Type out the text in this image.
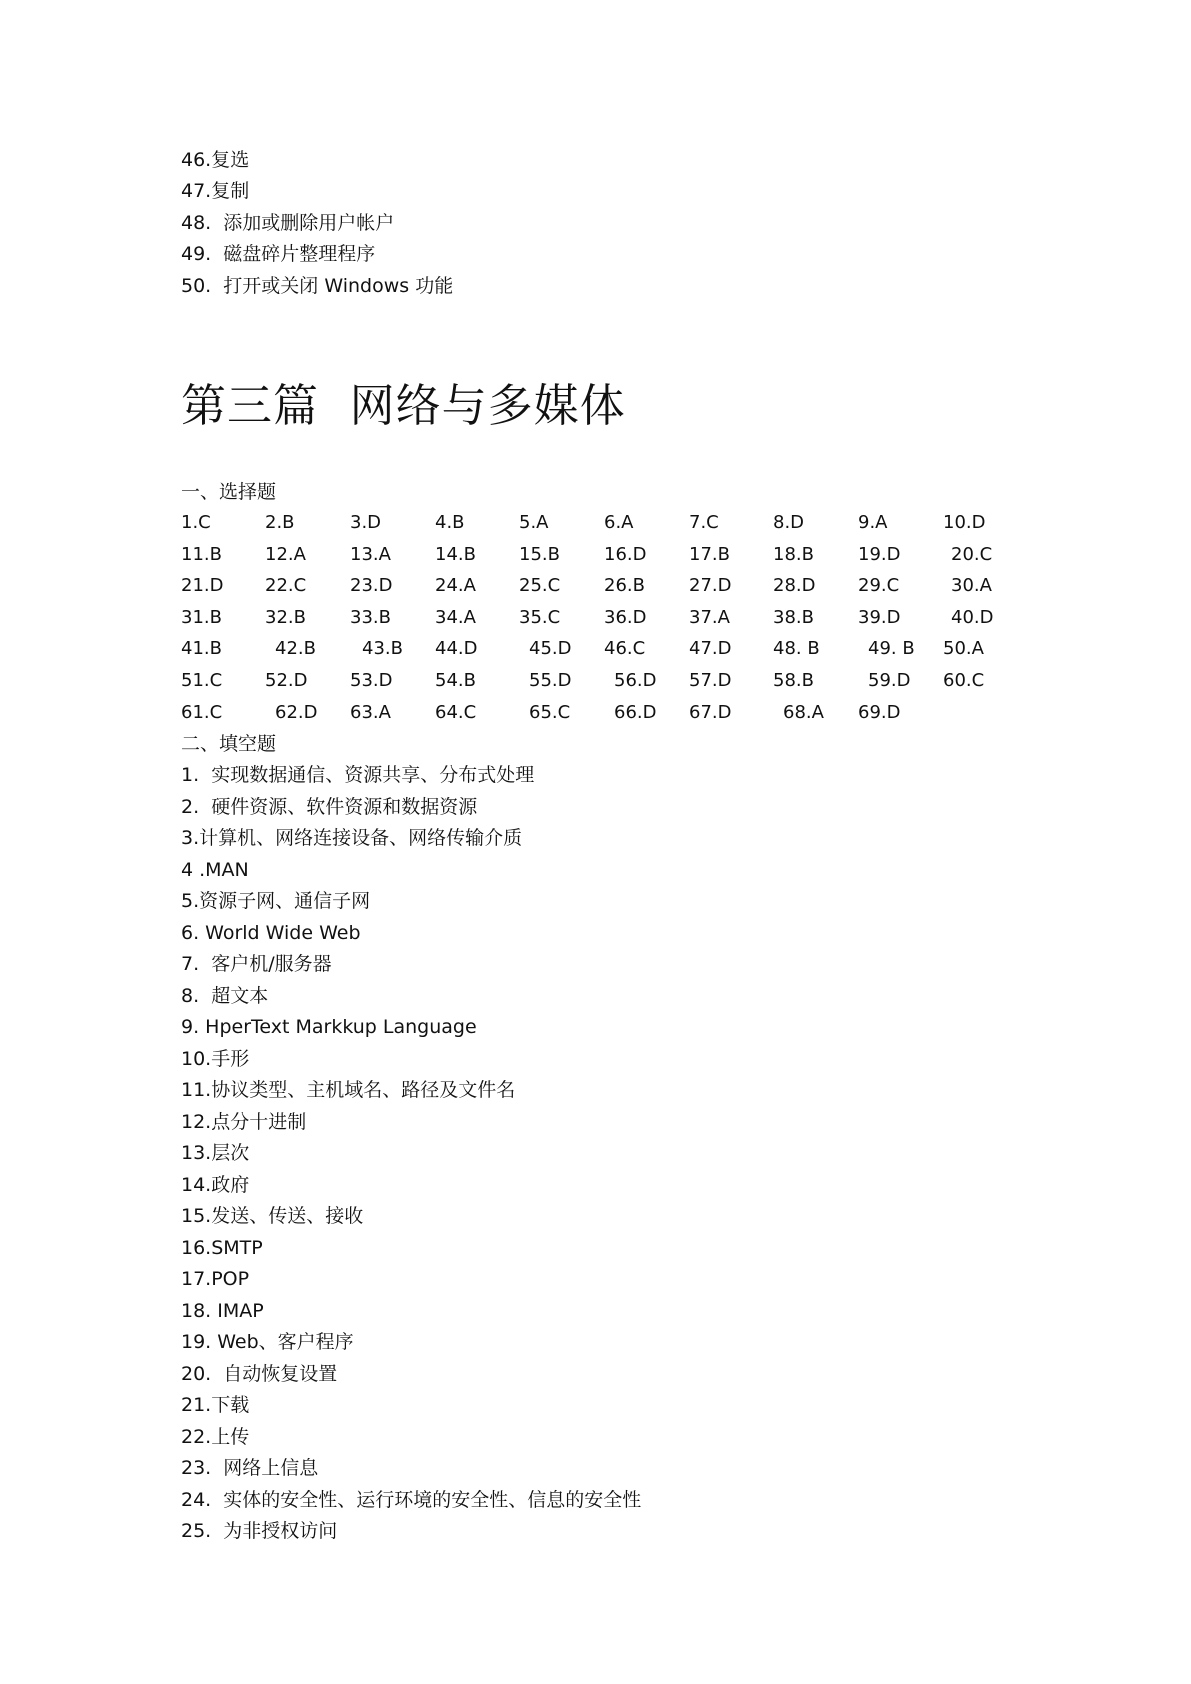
46.复选
47.复制
48.  添加或删除用户帐户
49.  磁盘碎片整理程序
50.  打开或关闭 Windows 功能
第三篇  网络与多媒体
一、选择题
1.C	2.B	3.D	4.B	5.A	6.A	7.C	8.D	9.A	10.D
11.B 12.A 13.A 14.B 15.B 16.D 17.B 18.B 19.D	20.C
21.D 22.C 23.D 24.A 25.C 26.B 27.D 28.D 29.C	30.A
31.B 32.B 33.B 34.A 35.C 36.D 37.A 38.B 39.D	40.D
41.B	42.B	43.B 44.D	45.D 46.C 47.D 48. B	49. B 50.A
51.C 52.D 53.D 54.B	55.D 56.D 57.D 58.B	59.D 60.C
61.C	62.D 63.A 64.C	65.C 66.D 67.D	68.A 69.D
二、填空题
1.  实现数据通信、资源共享、分布式处理
2.  硬件资源、软件资源和数据资源
3.计算机、网络连接设备、网络传输介质
4 .MAN
5.资源子网、通信子网
6. World Wide Web
7.  客户机/服务器
8.  超文本
9. HperText Markkup Language
10.手形
11.协议类型、主机域名、路径及文件名
12.点分十进制
13.层次
14.政府
15.发送、传送、接收
16.SMTP
17.POP
18. IMAP
19. Web、客户程序
20.  自动恢复设置
21.下载
22.上传
23.  网络上信息
24.  实体的安全性、运行环境的安全性、信息的安全性
25.  为非授权访问
